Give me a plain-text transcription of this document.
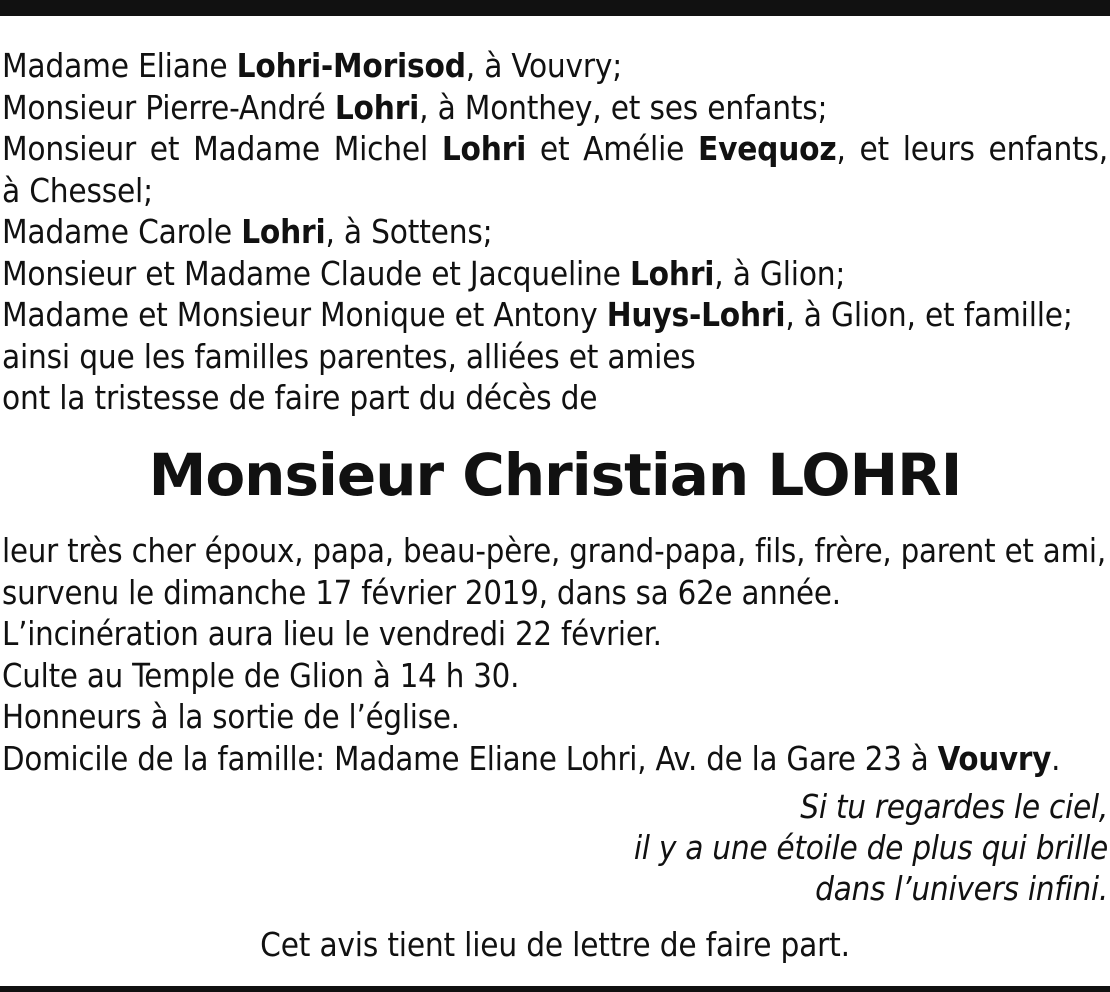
Madame Eliane Lohri-Morisod, à Vouvry;
Monsieur Pierre-André Lohri, à Monthey, et ses enfants;
Monsieur et Madame Michel Lohri et Amélie Evequoz, et leurs enfants,
à Chessel;
Madame Carole Lohri, à Sottens;
Monsieur et Madame Claude et Jacqueline Lohri, à Glion;
Madame et Monsieur Monique et Antony Huys-Lohri, à Glion, et famille;
ainsi que les familles parentes, alliées et amies
ont la tristesse de faire part du décès de
Monsieur Christian LOHRI
leur très cher époux, papa, beau-père, grand-papa, fils, frère, parent et ami,
survenu le dimanche 17 février 2019, dans sa 62e année.
L’incinération aura lieu le vendredi 22 février.
Culte au Temple de Glion à 14 h 30.
Honneurs à la sortie de l’église.
Domicile de la famille: Madame Eliane Lohri, Av. de la Gare 23 à Vouvry.
Si tu regardes le ciel,
il y a une étoile de plus qui brille
dans l’univers infini.
Cet avis tient lieu de lettre de faire part.
